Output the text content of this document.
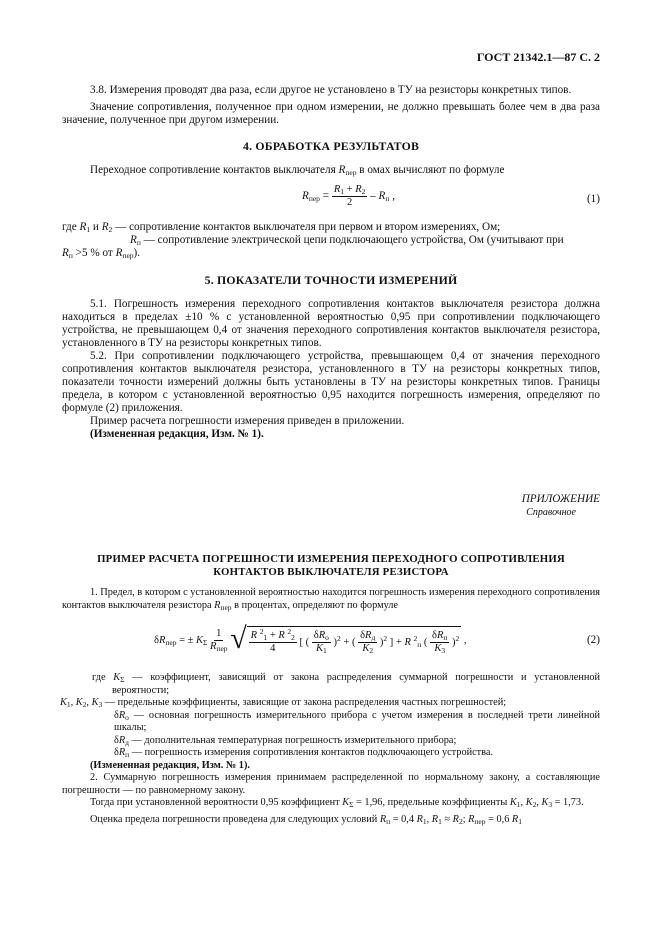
ГОСТ 21342.1—87 С. 2

3.8. Измерения проводят два раза, если другое не установлено в ТУ на резисторы конкретных типов.

Значение сопротивления, полученное при одном измерении, не должно превышать более чем в два раза значение, полученное при другом измерении.

4. ОБРАБОТКА РЕЗУЛЬТАТОВ

Переходное сопротивление контактов выключателя $R_{пер}$ в омах вычисляют по формуле

$R_{пер} = \frac{R_1 + R_2}{2} - R_п$ ,	(1)

где $R_1$ и $R_2$ — сопротивление контактов выключателя при первом и втором измерениях, Ом;

$R_п$ — сопротивление электрической цепи подключающего устройства, Ом (учитывают при

$R_п >5$ % от $R_{пер}$).

5. ПОКАЗАТЕЛИ ТОЧНОСТИ ИЗМЕРЕНИЙ

5.1. Погрешность измерения переходного сопротивления контактов выключателя резистора должна находиться в пределах ±10 % с установленной вероятностью 0,95 при сопротивлении подключающего устройства, не превышающем 0,4 от значения переходного сопротивления контактов выключателя резистора, установленного в ТУ на резисторы конкретных типов.

5.2. При сопротивлении подключающего устройства, превышающем 0,4 от значения переходного сопротивления контактов выключателя резистора, установленного в ТУ на резисторы конкретных типов, показатели точности измерений должны быть установлены в ТУ на резисторы конкретных типов. Границы предела, в котором с установленной вероятностью 0,95 находится погрешность измерения, определяют по формуле (2) приложения.

Пример расчета погрешности измерения приведен в приложении.

(Измененная редакция, Изм. № 1).

ПРИЛОЖЕНИЕ
Справочное
ПРИМЕР РАСЧЕТА ПОГРЕШНОСТИ ИЗМЕРЕНИЯ ПЕРЕХОДНОГО СОПРОТИВЛЕНИЯ
КОНТАКТОВ ВЫКЛЮЧАТЕЛЯ РЕЗИСТОРА

1. Предел, в котором с установленной вероятностью находится погрешность измерения переходного сопротивления контактов выключателя резистора $R_{пер}$ в процентах, определяют по формуле

$\delta R_{пер}$ = ± $K_\Sigma \frac{1}{R_{пер}}$ √ $\frac{R ^2_1 + R ^2_2}{4}$ [ ( $\frac{\delta R_о}{K_1} )^2$ + ( $\frac{\delta R_д}{K_2} )^2$ ] + R $^2_п$ ( $\frac{\delta R_п}{K_3} )^2$ ,	(2)

где $K_\Sigma$ — коэффициент, зависящий от закона распределения суммарной погрешности и установленной вероятности;

$K_1$, $K_2$, $K_3$ — предельные коэффициенты, зависящие от закона распределения частных погрешностей;

$\delta R_о$ — основная погрешность измерительного прибора с учетом измерения в последней трети линейной шкалы;

$\delta R_д$ — дополнительная температурная погрешность измерительного прибора;

$\delta R_п$ — погрешность измерения сопротивления контактов подключающего устройства.

(Измененная редакция, Изм. № 1).

2. Суммарную погрешность измерения принимаем распределенной по нормальному закону, а составляющие погрешности — по равномерному закону.

Тогда при установленной вероятности 0,95 коэффициент $K_\Sigma = 1,96$, предельные коэффициенты $K_1$, $K_2$, $K_3 = 1,73$.

Оценка предела погрешности проведена для следующих условий $R_п = 0,4$ $R_1$, $R_1 \approx R_2$; $R_{пер} = 0,6$ $R_1$
